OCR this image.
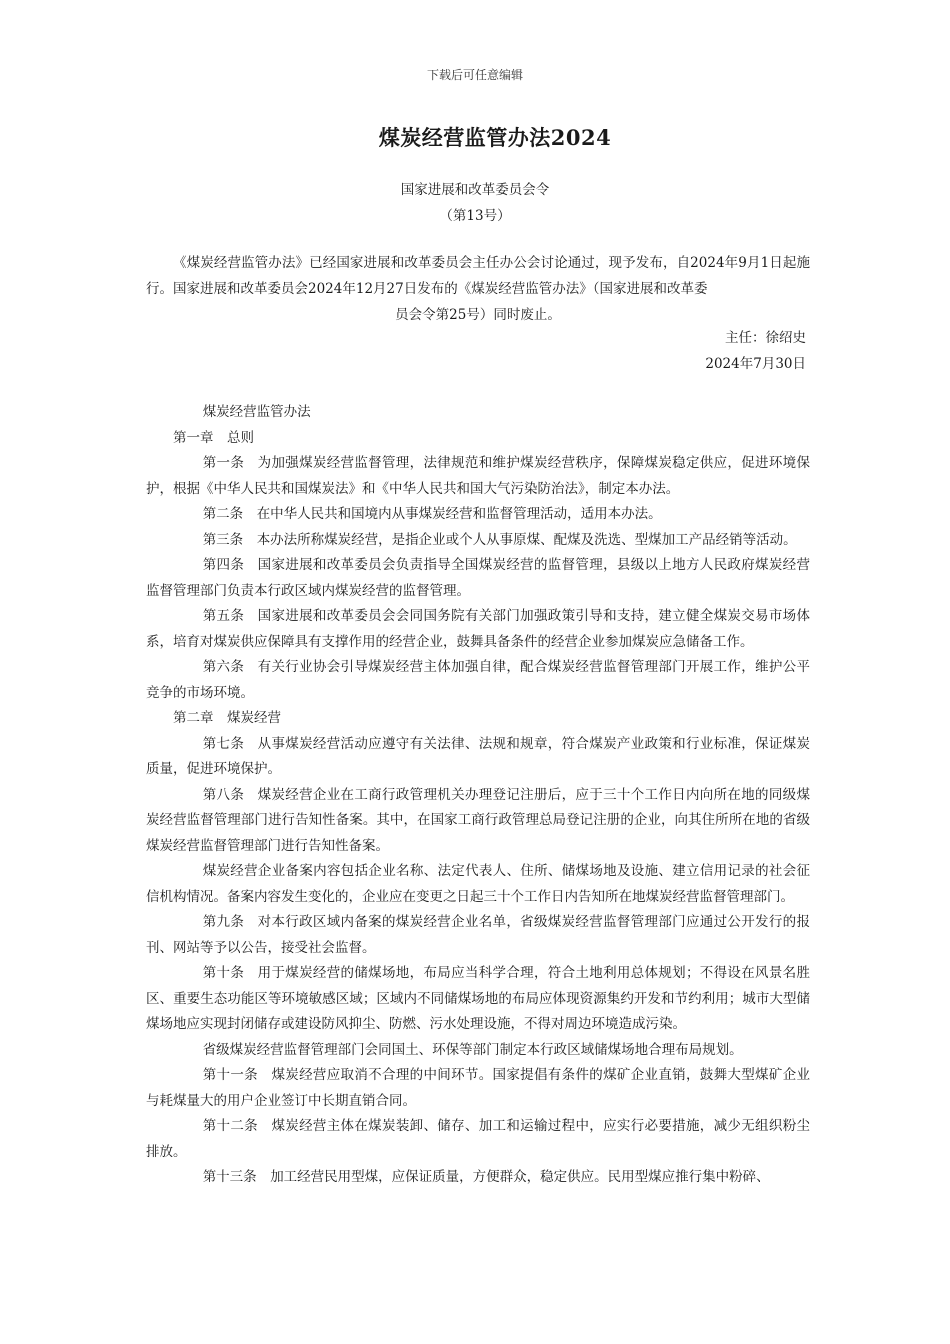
下载后可任意编辑
煤炭经营监管办法2024
国家进展和改革委员会令
（第13号）
《煤炭经营监管办法》已经国家进展和改革委员会主任办公会讨论通过，现予发布，自2024年9月1日起施行。国家进展和改革委员会2024年12月27日发布的《煤炭经营监管办法》（国家进展和改革委
员会令第25号）同时废止。
主任：徐绍史
2024年7月30日

煤炭经营监管办法

第一章　总则

第一条 为加强煤炭经营监督管理，法律规范和维护煤炭经营秩序，保障煤炭稳定供应，促进环境保护，根据《中华人民共和国煤炭法》和《中华人民共和国大气污染防治法》，制定本办法。

第二条 在中华人民共和国境内从事煤炭经营和监督管理活动，适用本办法。

第三条 本办法所称煤炭经营，是指企业或个人从事原煤、配煤及洗选、型煤加工产品经销等活动。

第四条 国家进展和改革委员会负责指导全国煤炭经营的监督管理，县级以上地方人民政府煤炭经营监督管理部门负责本行政区域内煤炭经营的监督管理。

第五条 国家进展和改革委员会会同国务院有关部门加强政策引导和支持，建立健全煤炭交易市场体系，培育对煤炭供应保障具有支撑作用的经营企业，鼓舞具备条件的经营企业参加煤炭应急储备工作。

第六条 有关行业协会引导煤炭经营主体加强自律，配合煤炭经营监督管理部门开展工作，维护公平竞争的市场环境。

第二章　煤炭经营

第七条 从事煤炭经营活动应遵守有关法律、法规和规章，符合煤炭产业政策和行业标准，保证煤炭质量，促进环境保护。

第八条 煤炭经营企业在工商行政管理机关办理登记注册后，应于三十个工作日内向所在地的同级煤炭经营监督管理部门进行告知性备案。其中，在国家工商行政管理总局登记注册的企业，向其住所所在地的省级煤炭经营监督管理部门进行告知性备案。

煤炭经营企业备案内容包括企业名称、法定代表人、住所、储煤场地及设施、建立信用记录的社会征信机构情况。备案内容发生变化的，企业应在变更之日起三十个工作日内告知所在地煤炭经营监督管理部门。

第九条 对本行政区域内备案的煤炭经营企业名单，省级煤炭经营监督管理部门应通过公开发行的报刊、网站等予以公告，接受社会监督。

第十条 用于煤炭经营的储煤场地，布局应当科学合理，符合土地利用总体规划；不得设在风景名胜区、重要生态功能区等环境敏感区域；区域内不同储煤场地的布局应体现资源集约开发和节约利用；城市大型储煤场地应实现封闭储存或建设防风抑尘、防燃、污水处理设施，不得对周边环境造成污染。

省级煤炭经营监督管理部门会同国土、环保等部门制定本行政区域储煤场地合理布局规划。

第十一条 煤炭经营应取消不合理的中间环节。国家提倡有条件的煤矿企业直销，鼓舞大型煤矿企业与耗煤量大的用户企业签订中长期直销合同。

第十二条 煤炭经营主体在煤炭装卸、储存、加工和运输过程中，应实行必要措施，减少无组织粉尘排放。

第十三条 加工经营民用型煤，应保证质量，方便群众，稳定供应。民用型煤应推行集中粉碎、
